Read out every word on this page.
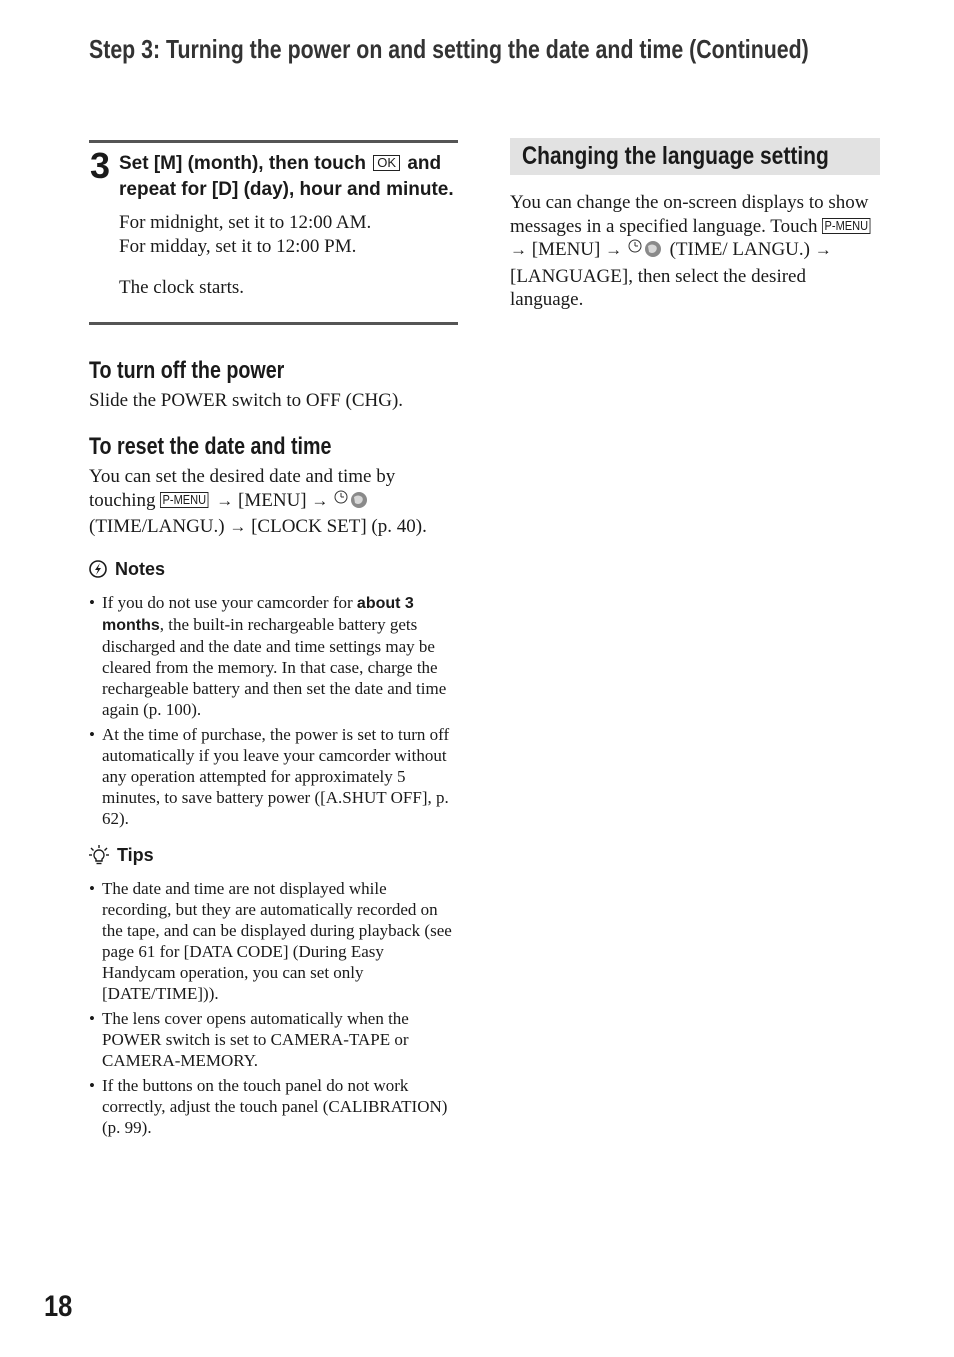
Step 3: Turning the power on and setting the date and time (Continued)
3 Set [M] (month), then touch OK and repeat for [D] (day), hour and minute.
For midnight, set it to 12:00 AM.
For midday, set it to 12:00 PM.
The clock starts.
To turn off the power
Slide the POWER switch to OFF (CHG).
To reset the date and time
You can set the desired date and time by touching P-MENU → [MENU] →  (TIME/LANGU.) → [CLOCK SET] (p. 40).
Notes
• If you do not use your camcorder for about 3 months, the built-in rechargeable battery gets discharged and the date and time settings may be cleared from the memory. In that case, charge the rechargeable battery and then set the date and time again (p. 100).
• At the time of purchase, the power is set to turn off automatically if you leave your camcorder without any operation attempted for approximately 5 minutes, to save battery power ([A.SHUT OFF], p. 62).
Tips
• The date and time are not displayed while recording, but they are automatically recorded on the tape, and can be displayed during playback (see page 61 for [DATA CODE] (During Easy Handycam operation, you can set only [DATE/TIME])).
• The lens cover opens automatically when the POWER switch is set to CAMERA-TAPE or CAMERA-MEMORY.
• If the buttons on the touch panel do not work correctly, adjust the touch panel (CALIBRATION) (p. 99).
Changing the language setting
You can change the on-screen displays to show messages in a specified language. Touch P-MENU → [MENU] →	(TIME/ LANGU.) → [LANGUAGE], then select the desired language.
18
